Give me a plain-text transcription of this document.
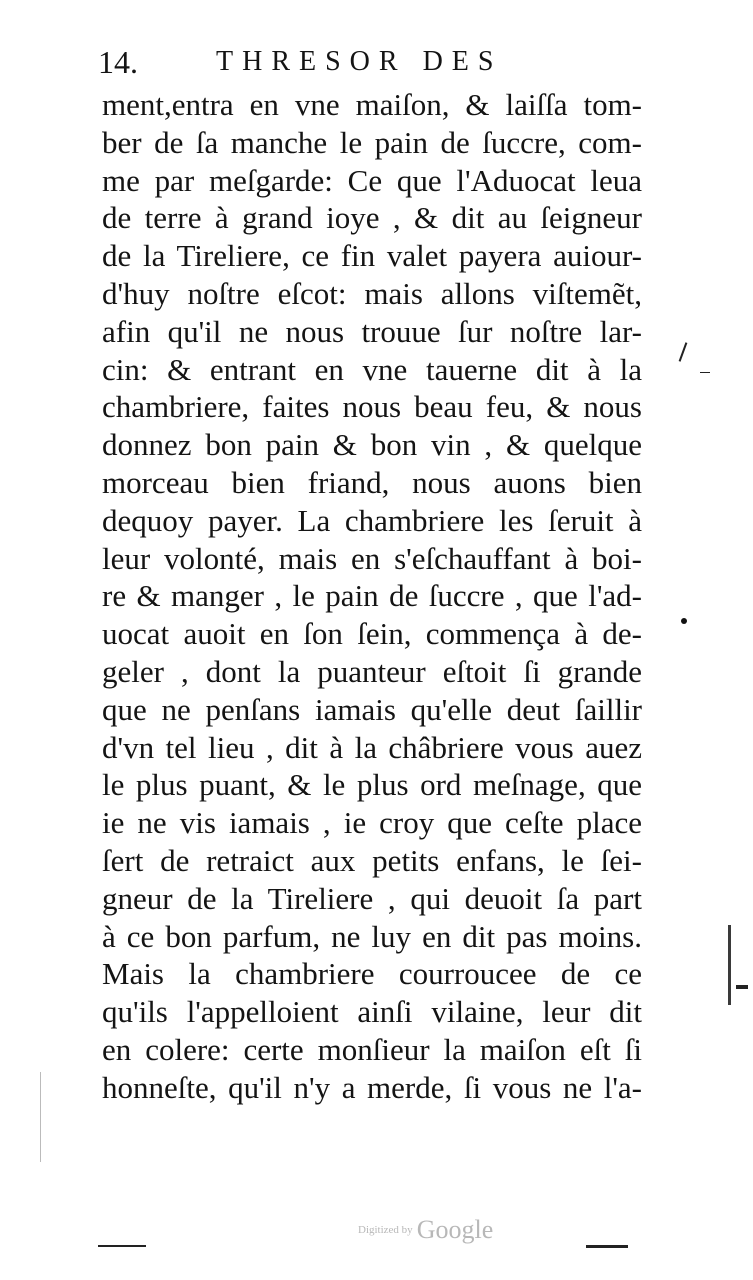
14.	THRESOR DES
ment,entra en vne maiſon, & laiſſa tom-
ber de ſa manche le pain de ſuccre, com-
me par meſgarde: Ce que l'Aduocat leua
de terre à grand ioye , & dit au ſeigneur
de la Tireliere, ce fin valet payera auiour-
d'huy noſtre eſcot: mais allons viſtemẽt,
afin qu'il ne nous trouue ſur noſtre lar-
cin: & entrant en vne tauerne dit à la
chambriere, faites nous beau feu, & nous
donnez bon pain & bon vin , & quelque
morceau bien friand, nous auons bien
dequoy payer. La chambriere les ſeruit à
leur volonté, mais en s'eſchauffant à boi-
re & manger , le pain de ſuccre , que l'ad-
uocat auoit en ſon ſein, commença à de-
geler , dont la puanteur eſtoit ſi grande
que ne penſans iamais qu'elle deut ſaillir
d'vn tel lieu , dit à la châbriere vous auez
le plus puant, & le plus ord meſnage, que
ie ne vis iamais , ie croy que ceſte place
ſert de retraict aux petits enfans, le ſei-
gneur de la Tireliere , qui deuoit ſa part
à ce bon parfum, ne luy en dit pas moins.
Mais la chambriere courroucee de ce
qu'ils l'appelloient ainſi vilaine, leur dit
en colere: certe monſieur la maiſon eſt ſi
honneſte, qu'il n'y a merde, ſi vous ne l'a-
Digitized by Google
